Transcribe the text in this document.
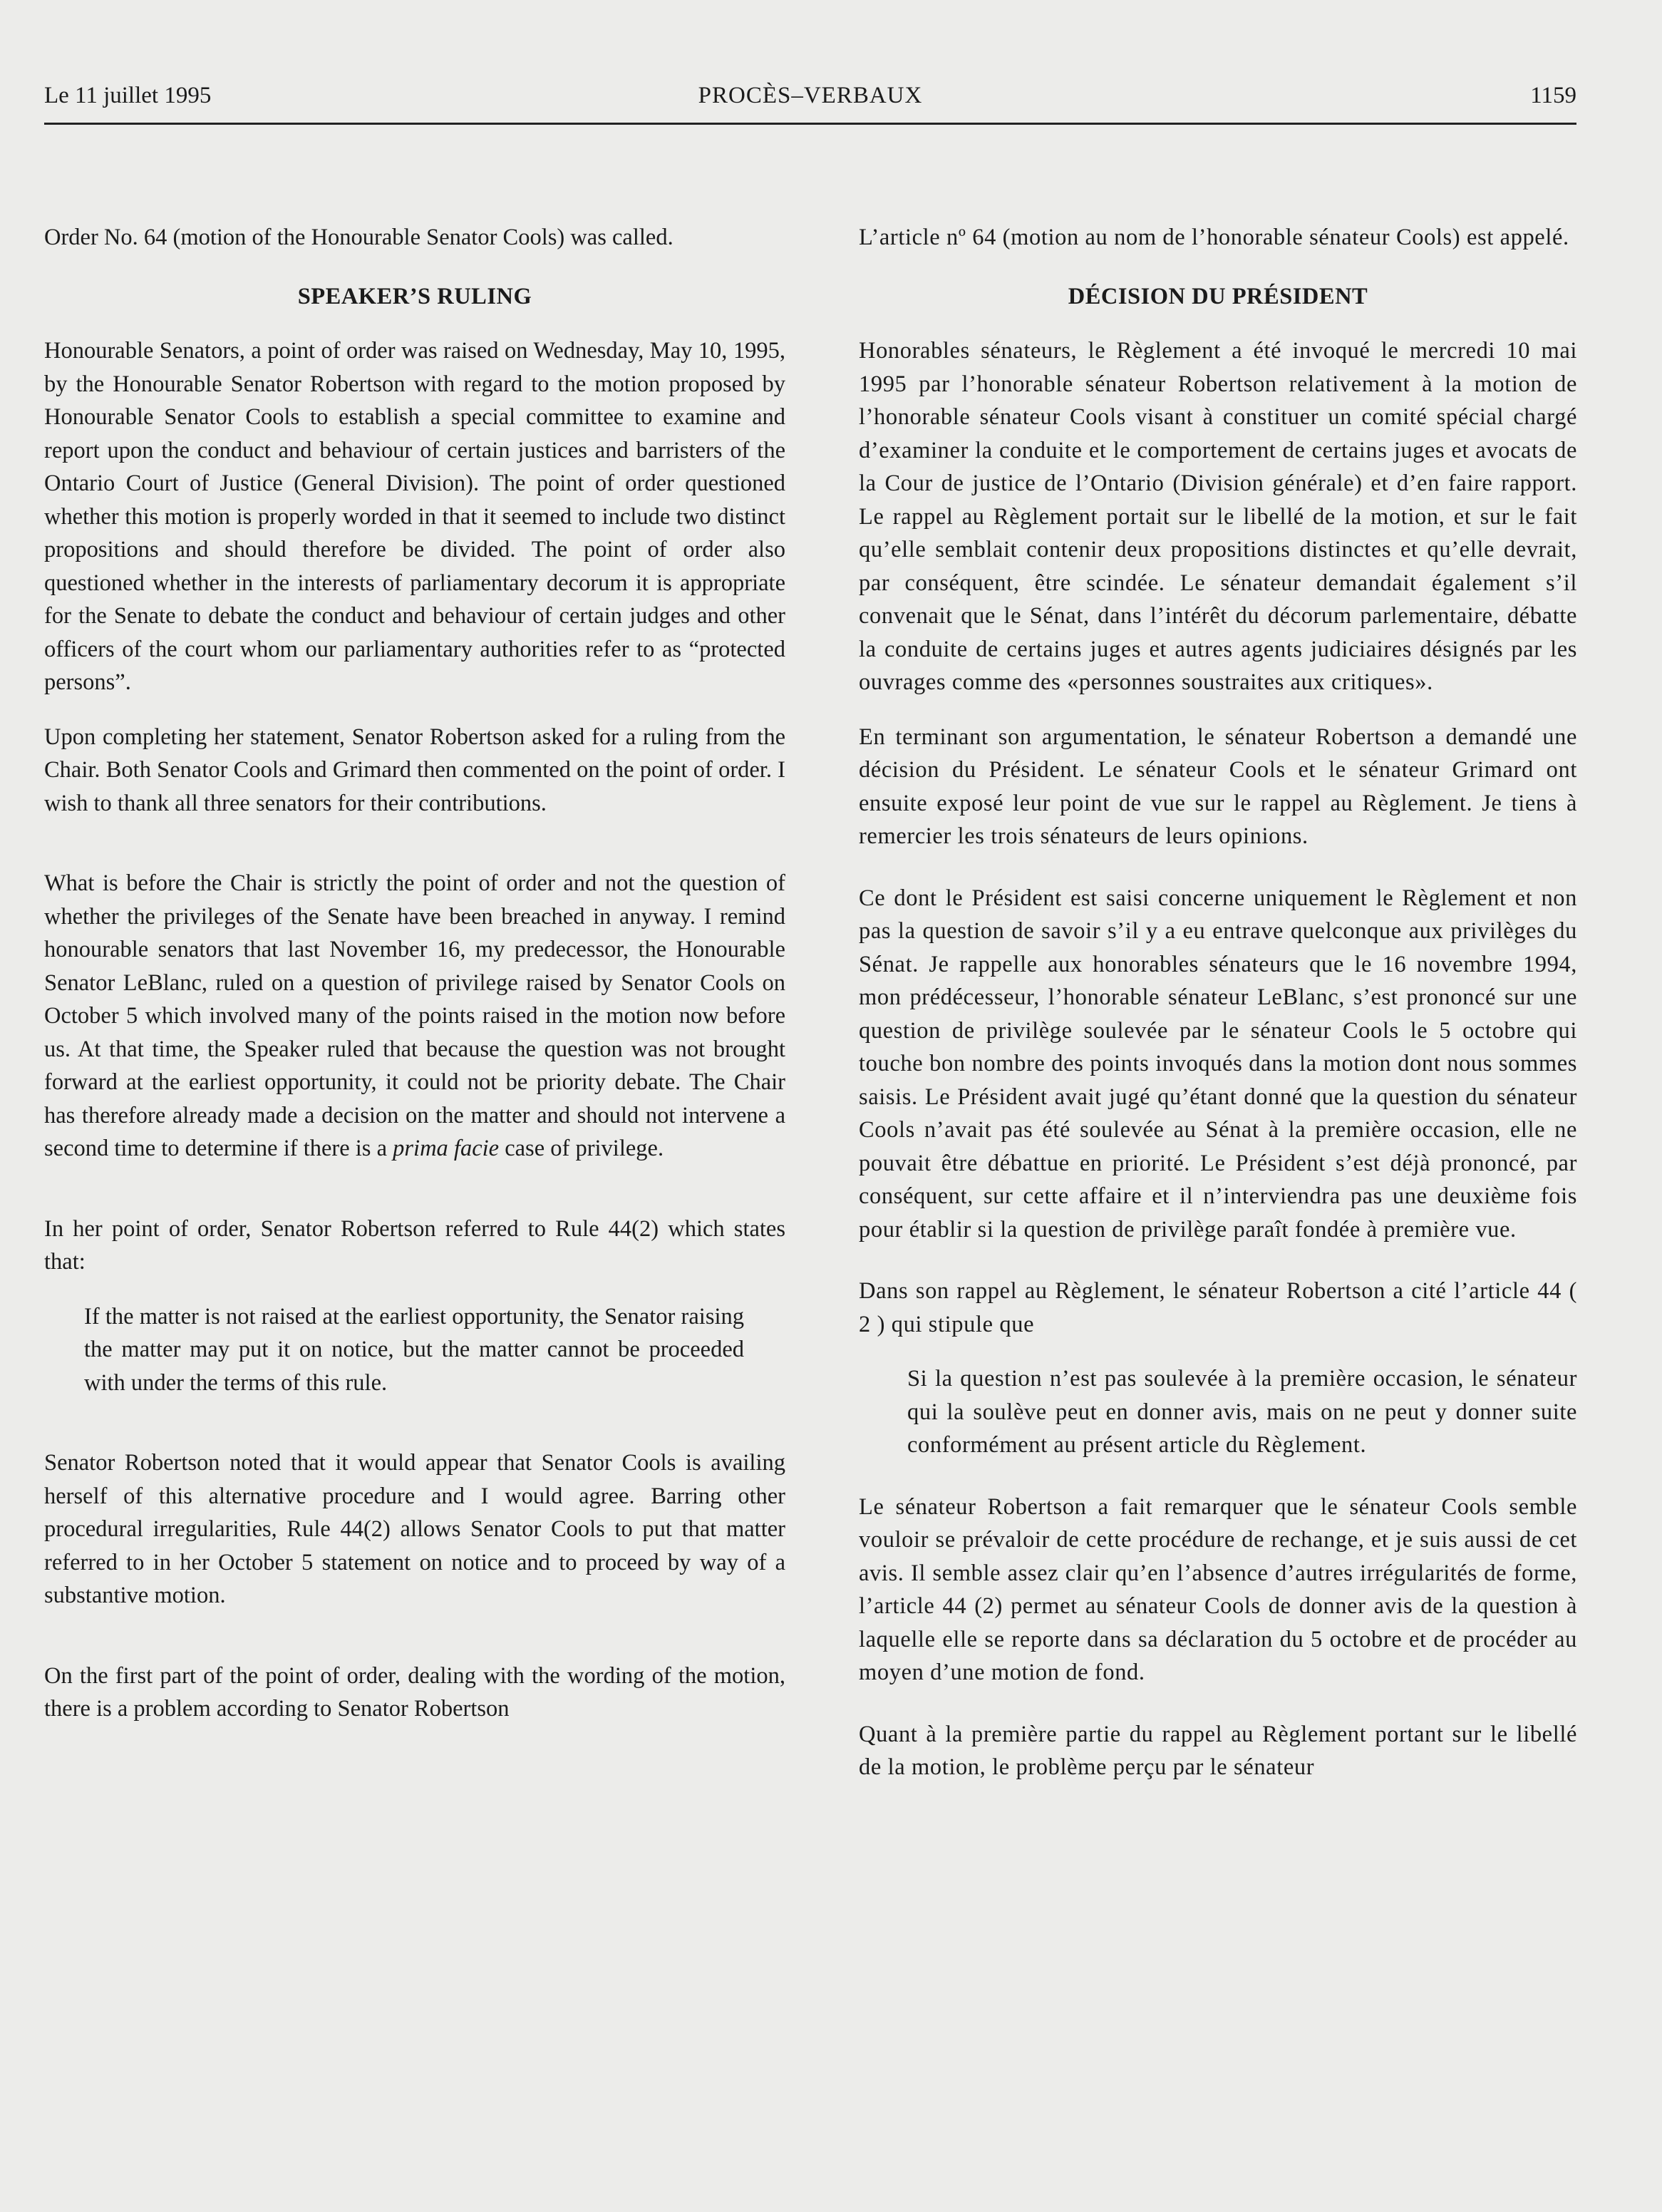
Le 11 juillet 1995	PROCÈS–VERBAUX	1159

Order No. 64 (motion of the Honourable Senator Cools) was called.

SPEAKER’S RULING

Honourable Senators, a point of order was raised on Wednesday, May 10, 1995, by the Honourable Senator Robertson with regard to the motion proposed by Honourable Senator Cools to establish a special committee to examine and report upon the conduct and behaviour of certain justices and barristers of the Ontario Court of Justice (General Division). The point of order questioned whether this motion is properly worded in that it seemed to include two distinct propositions and should therefore be divided. The point of order also questioned whether in the interests of parliamentary decorum it is appropriate for the Senate to debate the conduct and behaviour of certain judges and other officers of the court whom our parliamentary authorities refer to as “protected persons”.

Upon completing her statement, Senator Robertson asked for a ruling from the Chair. Both Senator Cools and Grimard then commented on the point of order. I wish to thank all three senators for their contributions.

What is before the Chair is strictly the point of order and not the question of whether the privileges of the Senate have been breached in anyway. I remind honourable senators that last November 16, my predecessor, the Honourable Senator LeBlanc, ruled on a question of privilege raised by Senator Cools on October 5 which involved many of the points raised in the motion now before us. At that time, the Speaker ruled that because the question was not brought forward at the earliest opportunity, it could not be priority debate. The Chair has therefore already made a decision on the matter and should not intervene a second time to determine if there is a prima facie case of privilege.

In her point of order, Senator Robertson referred to Rule 44(2) which states that:

If the matter is not raised at the earliest opportunity, the Senator raising the matter may put it on notice, but the matter cannot be proceeded with under the terms of this rule.

Senator Robertson noted that it would appear that Senator Cools is availing herself of this alternative procedure and I would agree. Barring other procedural irregularities, Rule 44(2) allows Senator Cools to put that matter referred to in her October 5 statement on notice and to proceed by way of a substantive motion.

On the first part of the point of order, dealing with the wording of the motion, there is a problem according to Senator Robertson

L’article nº 64 (motion au nom de l’honorable sénateur Cools) est appelé.

DÉCISION DU PRÉSIDENT

Honorables sénateurs, le Règlement a été invoqué le mercredi 10 mai 1995 par l’honorable sénateur Robertson relativement à la motion de l’honorable sénateur Cools visant à constituer un comité spécial chargé d’examiner la conduite et le comportement de certains juges et avocats de la Cour de justice de l’Ontario (Division générale) et d’en faire rapport. Le rappel au Règlement portait sur le libellé de la motion, et sur le fait qu’elle semblait contenir deux propositions distinctes et qu’elle devrait, par conséquent, être scindée. Le sénateur demandait également s’il convenait que le Sénat, dans l’intérêt du décorum parlementaire, débatte la conduite de certains juges et autres agents judiciaires désignés par les ouvrages comme des «personnes soustraites aux critiques».

En terminant son argumentation, le sénateur Robertson a demandé une décision du Président. Le sénateur Cools et le sénateur Grimard ont ensuite exposé leur point de vue sur le rappel au Règlement. Je tiens à remercier les trois sénateurs de leurs opinions.

Ce dont le Président est saisi concerne uniquement le Règlement et non pas la question de savoir s’il y a eu entrave quelconque aux privilèges du Sénat. Je rappelle aux honorables sénateurs que le 16 novembre 1994, mon prédécesseur, l’honorable sénateur LeBlanc, s’est prononcé sur une question de privilège soulevée par le sénateur Cools le 5 octobre qui touche bon nombre des points invoqués dans la motion dont nous sommes saisis. Le Président avait jugé qu’étant donné que la question du sénateur Cools n’avait pas été soulevée au Sénat à la première occasion, elle ne pouvait être débattue en priorité. Le Président s’est déjà prononcé, par conséquent, sur cette affaire et il n’interviendra pas une deuxième fois pour établir si la question de privilège paraît fondée à première vue.

Dans son rappel au Règlement, le sénateur Robertson a cité l’article 44 ( 2 ) qui stipule que

Si la question n’est pas soulevée à la première occasion, le sénateur qui la soulève peut en donner avis, mais on ne peut y donner suite conformément au présent article du Règlement.

Le sénateur Robertson a fait remarquer que le sénateur Cools semble vouloir se prévaloir de cette procédure de rechange, et je suis aussi de cet avis. Il semble assez clair qu’en l’absence d’autres irrégularités de forme, l’article 44 (2) permet au sénateur Cools de donner avis de la question à laquelle elle se reporte dans sa déclaration du 5 octobre et de procéder au moyen d’une motion de fond.

Quant à la première partie du rappel au Règlement portant sur le libellé de la motion, le problème perçu par le sénateur
